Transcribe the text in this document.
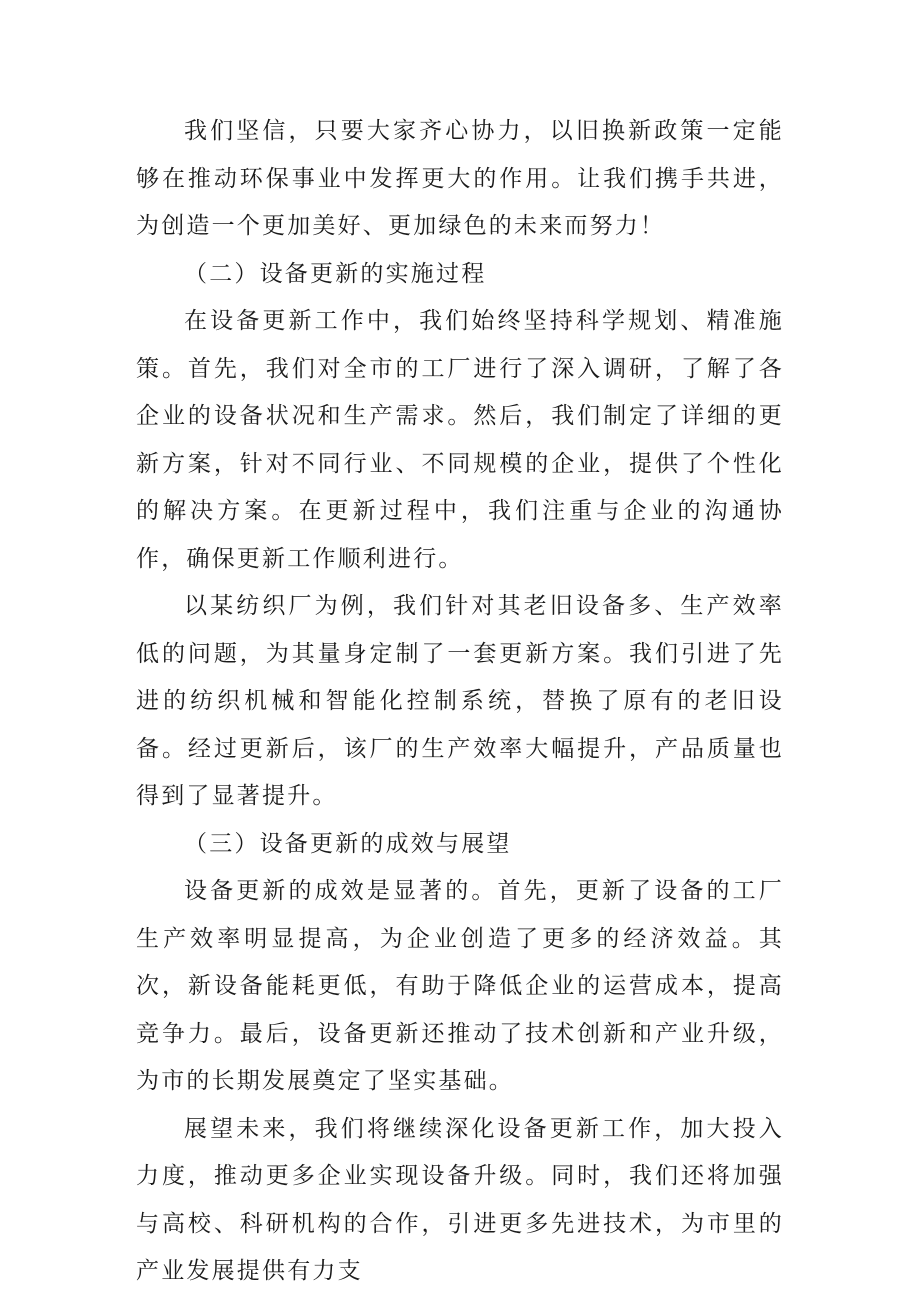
我们坚信，只要大家齐心协力，以旧换新政策一定能够在推动环保事业中发挥更大的作用。让我们携手共进，为创造一个更加美好、更加绿色的未来而努力！

（二）设备更新的实施过程

在设备更新工作中，我们始终坚持科学规划、精准施策。首先，我们对全市的工厂进行了深入调研，了解了各企业的设备状况和生产需求。然后，我们制定了详细的更新方案，针对不同行业、不同规模的企业，提供了个性化的解决方案。在更新过程中，我们注重与企业的沟通协作，确保更新工作顺利进行。

以某纺织厂为例，我们针对其老旧设备多、生产效率低的问题，为其量身定制了一套更新方案。我们引进了先进的纺织机械和智能化控制系统，替换了原有的老旧设备。经过更新后，该厂的生产效率大幅提升，产品质量也得到了显著提升。

（三）设备更新的成效与展望

设备更新的成效是显著的。首先，更新了设备的工厂生产效率明显提高，为企业创造了更多的经济效益。其次，新设备能耗更低，有助于降低企业的运营成本，提高竞争力。最后，设备更新还推动了技术创新和产业升级，为市的长期发展奠定了坚实基础。

展望未来，我们将继续深化设备更新工作，加大投入力度，推动更多企业实现设备升级。同时，我们还将加强与高校、科研机构的合作，引进更多先进技术，为市里的产业发展提供有力支
